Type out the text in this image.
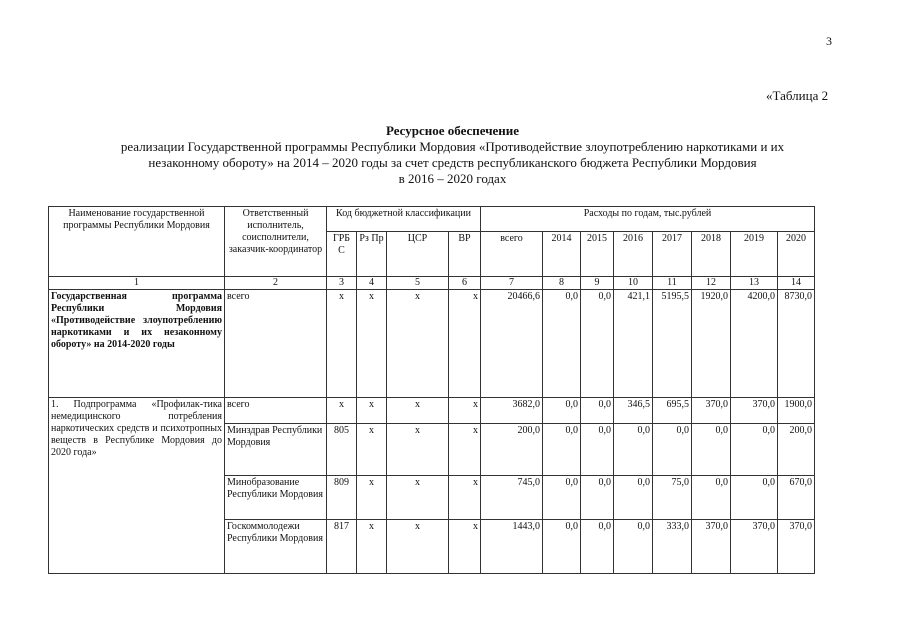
3
«Таблица 2
Ресурсное обеспечение
реализации Государственной программы Республики Мордовия «Противодействие злоупотреблению наркотиками и их
незаконному обороту» на 2014 – 2020 годы за счет средств республиканского бюджета Республики Мордовия
в 2016 – 2020 годах
Наименование государственной программы Республики Мордовия	Ответственный исполнитель, соисполнители, заказчик-координатор	Код бюджетной классификации				Расходы по годам, тыс.рублей							
		ГРБ С	Рз Пр	ЦСР	ВР	всего	2014	2015	2016	2017	2018	2019	2020
1	2	3	4	5	6	7	8	9	10	11	12	13	14
Государственная программа Республики Мордовия «Противодействие злоупотреблению наркотиками и их незаконному обороту» на 2014-2020 годы	всего	x	x	x	x	20466,6	0,0	0,0	421,1	5195,5	1920,0	4200,0	8730,0
1. Подпрограмма «Профилак-тика немедицинского потребления наркотических средств и психотропных веществ в Республике Мордовия до 2020 года»	всего	x	x	x	x	3682,0	0,0	0,0	346,5	695,5	370,0	370,0	1900,0
	Минздрав Республики Мордовия	805	x	x	x	200,0	0,0	0,0	0,0	0,0	0,0	0,0	200,0
	Минобразование Республики Мордовия	809	x	x	x	745,0	0,0	0,0	0,0	75,0	0,0	0,0	670,0
	Госкоммолодежи Республики Мордовия	817	x	x	x	1443,0	0,0	0,0	0,0	333,0	370,0	370,0	370,0
